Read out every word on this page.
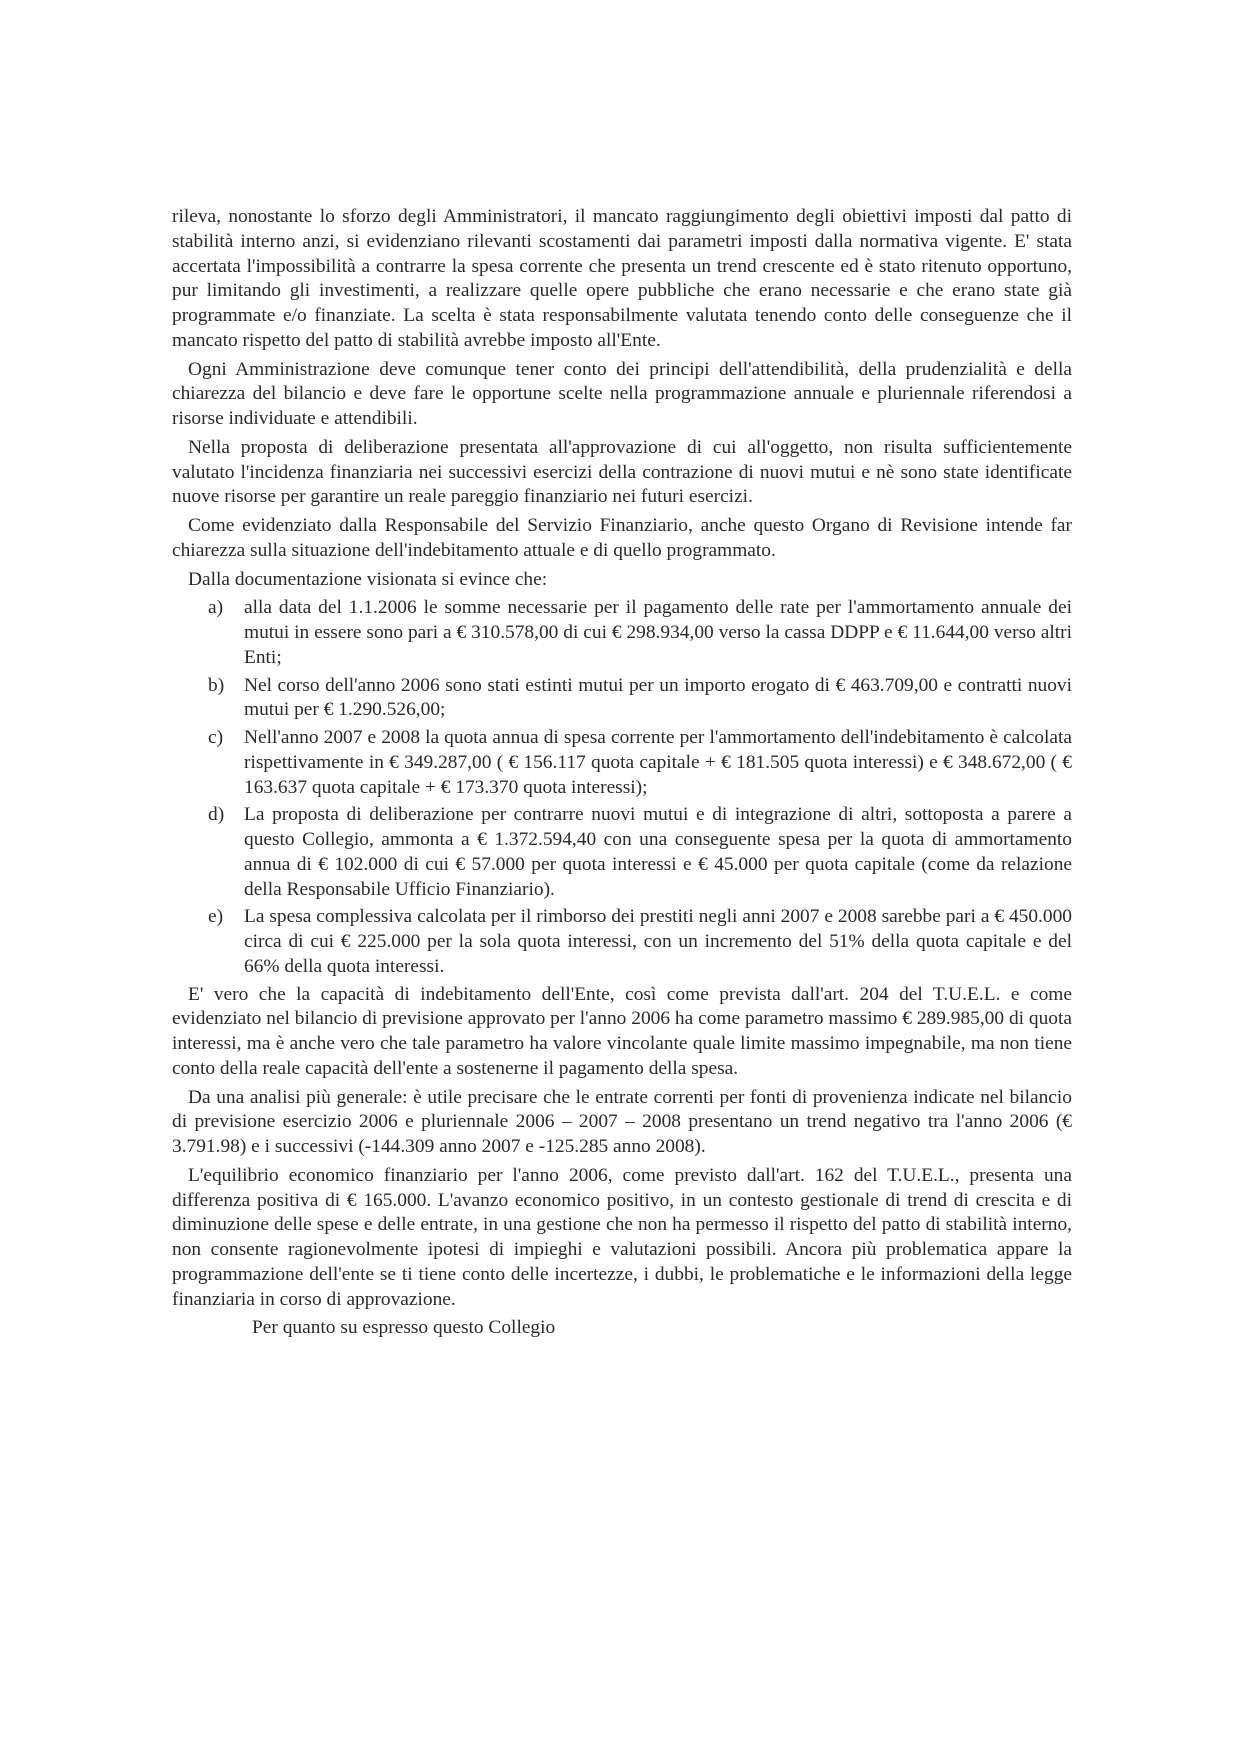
rileva, nonostante lo sforzo degli Amministratori, il mancato raggiungimento degli obiettivi imposti dal patto di stabilità interno anzi, si evidenziano rilevanti scostamenti dai parametri imposti dalla normativa vigente. E' stata accertata l'impossibilità a contrarre la spesa corrente che presenta un trend crescente ed è stato ritenuto opportuno, pur limitando gli investimenti, a realizzare quelle opere pubbliche che erano necessarie e che erano state già programmate e/o finanziate. La scelta è stata responsabilmente valutata tenendo conto delle conseguenze che il mancato rispetto del patto di stabilità avrebbe imposto all'Ente.

Ogni Amministrazione deve comunque tener conto dei principi dell'attendibilità, della prudenzialità e della chiarezza del bilancio e deve fare le opportune scelte nella programmazione annuale e pluriennale riferendosi a risorse individuate e attendibili.

Nella proposta di deliberazione presentata all'approvazione di cui all'oggetto, non risulta sufficientemente valutato l'incidenza finanziaria nei successivi esercizi della contrazione di nuovi mutui e nè sono state identificate nuove risorse per garantire un reale pareggio finanziario nei futuri esercizi.

Come evidenziato dalla Responsabile del Servizio Finanziario, anche questo Organo di Revisione intende far chiarezza sulla situazione dell'indebitamento attuale e di quello programmato.

Dalla documentazione visionata si evince che:

a) alla data del 1.1.2006 le somme necessarie per il pagamento delle rate per l'ammortamento annuale dei mutui in essere sono pari a € 310.578,00 di cui € 298.934,00 verso la cassa DDPP e € 11.644,00 verso altri Enti;
b) Nel corso dell'anno 2006 sono stati estinti mutui per un importo erogato di € 463.709,00 e contratti nuovi mutui per € 1.290.526,00;
c) Nell'anno 2007 e 2008 la quota annua di spesa corrente per l'ammortamento dell'indebitamento è calcolata rispettivamente in € 349.287,00 ( € 156.117 quota capitale + € 181.505 quota interessi) e € 348.672,00 ( € 163.637 quota capitale + € 173.370 quota interessi);
d) La proposta di deliberazione per contrarre nuovi mutui e di integrazione di altri, sottoposta a parere a questo Collegio, ammonta a € 1.372.594,40 con una conseguente spesa per la quota di ammortamento annua di € 102.000 di cui € 57.000 per quota interessi e € 45.000 per quota capitale (come da relazione della Responsabile Ufficio Finanziario).
e) La spesa complessiva calcolata per il rimborso dei prestiti negli anni 2007 e 2008 sarebbe pari a € 450.000 circa di cui € 225.000 per la sola quota interessi, con un incremento del 51% della quota capitale e del 66% della quota interessi.

E' vero che la capacità di indebitamento dell'Ente, così come prevista dall'art. 204 del T.U.E.L. e come evidenziato nel bilancio di previsione approvato per l'anno 2006 ha come parametro massimo € 289.985,00 di quota interessi, ma è anche vero che tale parametro ha valore vincolante quale limite massimo impegnabile, ma non tiene conto della reale capacità dell'ente a sostenerne il pagamento della spesa.

Da una analisi più generale: è utile precisare che le entrate correnti per fonti di provenienza indicate nel bilancio di previsione esercizio 2006 e pluriennale 2006 – 2007 – 2008 presentano un trend negativo tra l'anno 2006 (€ 3.791.98) e i successivi (-144.309 anno 2007 e -125.285 anno 2008).

L'equilibrio economico finanziario per l'anno 2006, come previsto dall'art. 162 del T.U.E.L., presenta una differenza positiva di € 165.000. L'avanzo economico positivo, in un contesto gestionale di trend di crescita e di diminuzione delle spese e delle entrate, in una gestione che non ha permesso il rispetto del patto di stabilità interno, non consente ragionevolmente ipotesi di impieghi e valutazioni possibili. Ancora più problematica appare la programmazione dell'ente se ti tiene conto delle incertezze, i dubbi, le problematiche e le informazioni della legge finanziaria in corso di approvazione.

Per quanto su espresso questo Collegio
